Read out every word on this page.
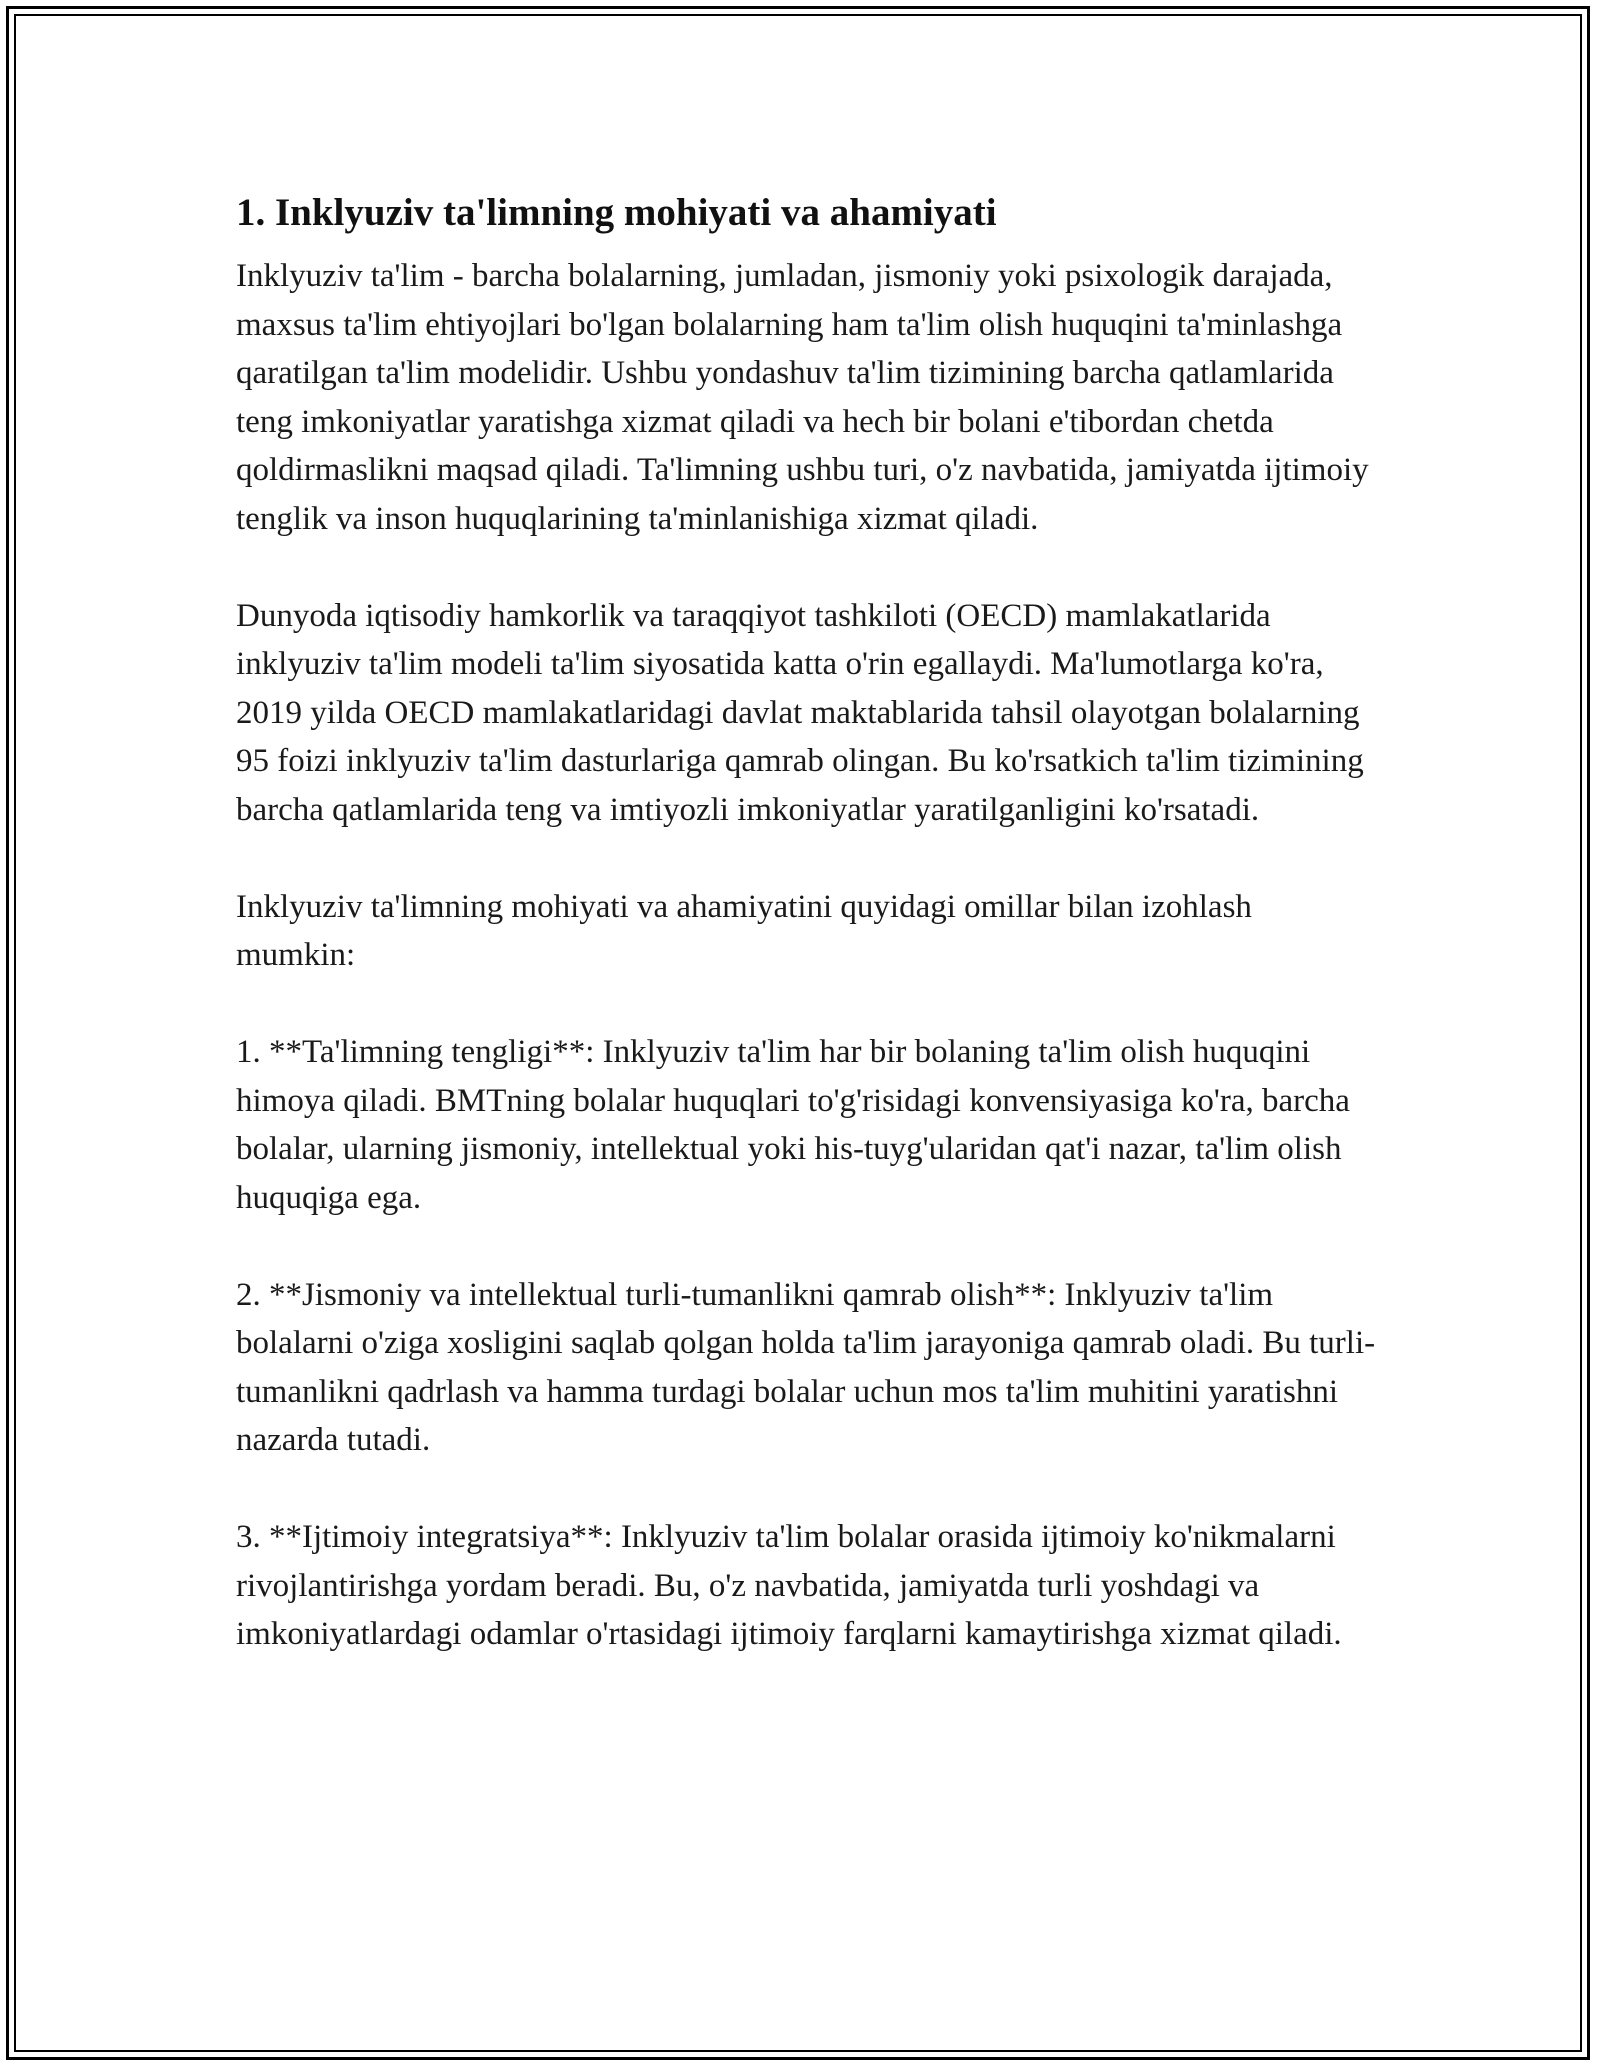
1. Inklyuziv ta'limning mohiyati va ahamiyati

Inklyuziv ta'lim - barcha bolalarning, jumladan, jismoniy yoki psixologik darajada, maxsus ta'lim ehtiyojlari bo'lgan bolalarning ham ta'lim olish huquqini ta'minlashga qaratilgan ta'lim modelidir. Ushbu yondashuv ta'lim tizimining barcha qatlamlarida teng imkoniyatlar yaratishga xizmat qiladi va hech bir bolani e'tibordan chetda qoldirmaslikni maqsad qiladi. Ta'limning ushbu turi, o'z navbatida, jamiyatda ijtimoiy tenglik va inson huquqlarining ta'minlanishiga xizmat qiladi.

Dunyoda iqtisodiy hamkorlik va taraqqiyot tashkiloti (OECD) mamlakatlarida inklyuziv ta'lim modeli ta'lim siyosatida katta o'rin egallaydi. Ma'lumotlarga ko'ra, 2019 yilda OECD mamlakatlaridagi davlat maktablarida tahsil olayotgan bolalarning 95 foizi inklyuziv ta'lim dasturlariga qamrab olingan. Bu ko'rsatkich ta'lim tizimining barcha qatlamlarida teng va imtiyozli imkoniyatlar yaratilganligini ko'rsatadi.

Inklyuziv ta'limning mohiyati va ahamiyatini quyidagi omillar bilan izohlash mumkin:

1. **Ta'limning tengligi**: Inklyuziv ta'lim har bir bolaning ta'lim olish huquqini himoya qiladi. BMTning bolalar huquqlari to'g'risidagi konvensiyasiga ko'ra, barcha bolalar, ularning jismoniy, intellektual yoki his-tuyg'ularidan qat'i nazar, ta'lim olish huquqiga ega.

2. **Jismoniy va intellektual turli-tumanlikni qamrab olish**: Inklyuziv ta'lim bolalarni o'ziga xosligini saqlab qolgan holda ta'lim jarayoniga qamrab oladi. Bu turli-tumanlikni qadrlash va hamma turdagi bolalar uchun mos ta'lim muhitini yaratishni nazarda tutadi.

3. **Ijtimoiy integratsiya**: Inklyuziv ta'lim bolalar orasida ijtimoiy ko'nikmalarni rivojlantirishga yordam beradi. Bu, o'z navbatida, jamiyatda turli yoshdagi va imkoniyatlardagi odamlar o'rtasidagi ijtimoiy farqlarni kamaytirishga xizmat qiladi.
